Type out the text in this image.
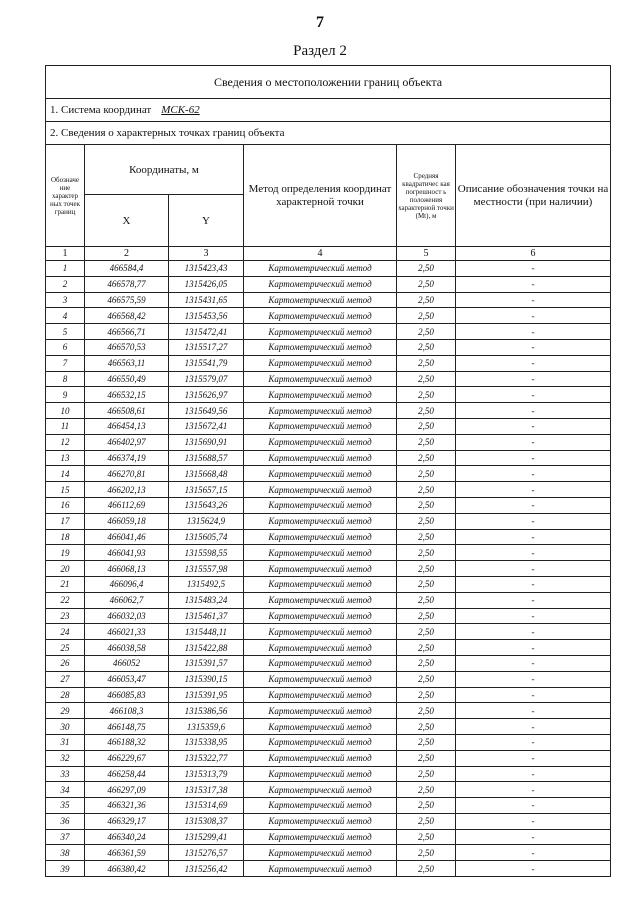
7
Раздел 2
Сведения о местоположении границ объекта					
1. Система координат МСК-62					
2. Сведения о характерных точках границ объекта					
Обозначе ние характер ных точек границ	Координаты, м		Метод определения координат характерной точки	Средняя квадратичес кая погрешност ь положения характерной точки (Mt), м	Описание обозначения точки на местности (при наличии)
	X	Y			
1	2	3	4	5	6
1	466584,4	1315423,43	Картометрический метод	2,50	-
2	466578,77	1315426,05	Картометрический метод	2,50	-
3	466575,59	1315431,65	Картометрический метод	2,50	-
4	466568,42	1315453,56	Картометрический метод	2,50	-
5	466566,71	1315472,41	Картометрический метод	2,50	-
6	466570,53	1315517,27	Картометрический метод	2,50	-
7	466563,11	1315541,79	Картометрический метод	2,50	-
8	466550,49	1315579,07	Картометрический метод	2,50	-
9	466532,15	1315626,97	Картометрический метод	2,50	-
10	466508,61	1315649,56	Картометрический метод	2,50	-
11	466454,13	1315672,41	Картометрический метод	2,50	-
12	466402,97	1315690,91	Картометрический метод	2,50	-
13	466374,19	1315688,57	Картометрический метод	2,50	-
14	466270,81	1315668,48	Картометрический метод	2,50	-
15	466202,13	1315657,15	Картометрический метод	2,50	-
16	466112,69	1315643,26	Картометрический метод	2,50	-
17	466059,18	1315624,9	Картометрический метод	2,50	-
18	466041,46	1315605,74	Картометрический метод	2,50	-
19	466041,93	1315598,55	Картометрический метод	2,50	-
20	466068,13	1315557,98	Картометрический метод	2,50	-
21	466096,4	1315492,5	Картометрический метод	2,50	-
22	466062,7	1315483,24	Картометрический метод	2,50	-
23	466032,03	1315461,37	Картометрический метод	2,50	-
24	466021,33	1315448,11	Картометрический метод	2,50	-
25	466038,58	1315422,88	Картометрический метод	2,50	-
26	466052	1315391,57	Картометрический метод	2,50	-
27	466053,47	1315390,15	Картометрический метод	2,50	-
28	466085,83	1315391,95	Картометрический метод	2,50	-
29	466108,3	1315386,56	Картометрический метод	2,50	-
30	466148,75	1315359,6	Картометрический метод	2,50	-
31	466188,32	1315338,95	Картометрический метод	2,50	-
32	466229,67	1315322,77	Картометрический метод	2,50	-
33	466258,44	1315313,79	Картометрический метод	2,50	-
34	466297,09	1315317,38	Картометрический метод	2,50	-
35	466321,36	1315314,69	Картометрический метод	2,50	-
36	466329,17	1315308,37	Картометрический метод	2,50	-
37	466340,24	1315299,41	Картометрический метод	2,50	-
38	466361,59	1315276,57	Картометрический метод	2,50	-
39	466380,42	1315256,42	Картометрический метод	2,50	-
